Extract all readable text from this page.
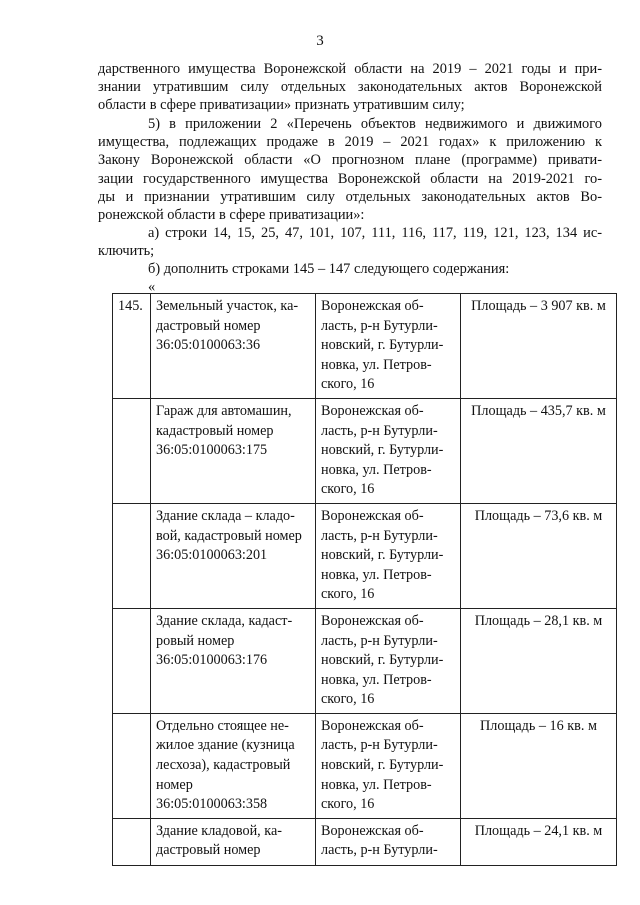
3
дарственного имущества Воронежской области на 2019 – 2021 годы и при-
знании утратившим силу отдельных законодательных актов Воронежской
области в сфере приватизации» признать утратившим силу;
5) в приложении 2 «Перечень объектов недвижимого и движимого
имущества, подлежащих продаже в 2019 – 2021 годах» к приложению к
Закону Воронежской области «О прогнозном плане (программе) привати-
зации государственного имущества Воронежской области на 2019-2021 го-
ды и признании утратившим силу отдельных законодательных актов Во-
ронежской области в сфере приватизации»:
а) строки 14, 15, 25, 47, 101, 107, 111, 116, 117, 119, 121, 123, 134 ис-
ключить;
б) дополнить строками 145 – 147 следующего содержания:
«
145.	Земельный участок, ка-
дастровый номер
36:05:0100063:36	Воронежская об-
ласть, р-н Бутурли-
новский, г. Бутурли-
новка, ул. Петров-
ского, 16	Площадь – 3 907 кв. м

	Гараж для автомашин,
кадастровый номер
36:05:0100063:175	Воронежская об-
ласть, р-н Бутурли-
новский, г. Бутурли-
новка, ул. Петров-
ского, 16	Площадь – 435,7 кв. м

	Здание склада – кладо-
вой, кадастровый номер
36:05:0100063:201	Воронежская об-
ласть, р-н Бутурли-
новский, г. Бутурли-
новка, ул. Петров-
ского, 16	Площадь – 73,6 кв. м

	Здание склада, кадаст-
ровый номер
36:05:0100063:176	Воронежская об-
ласть, р-н Бутурли-
новский, г. Бутурли-
новка, ул. Петров-
ского, 16	Площадь – 28,1 кв. м

	Отдельно стоящее не-
жилое здание (кузница
лесхоза), кадастровый
номер
36:05:0100063:358	Воронежская об-
ласть, р-н Бутурли-
новский, г. Бутурли-
новка, ул. Петров-
ского, 16	Площадь – 16 кв. м

	Здание кладовой, ка-
дастровый номер	Воронежская об-
ласть, р-н Бутурли-	Площадь – 24,1 кв. м
